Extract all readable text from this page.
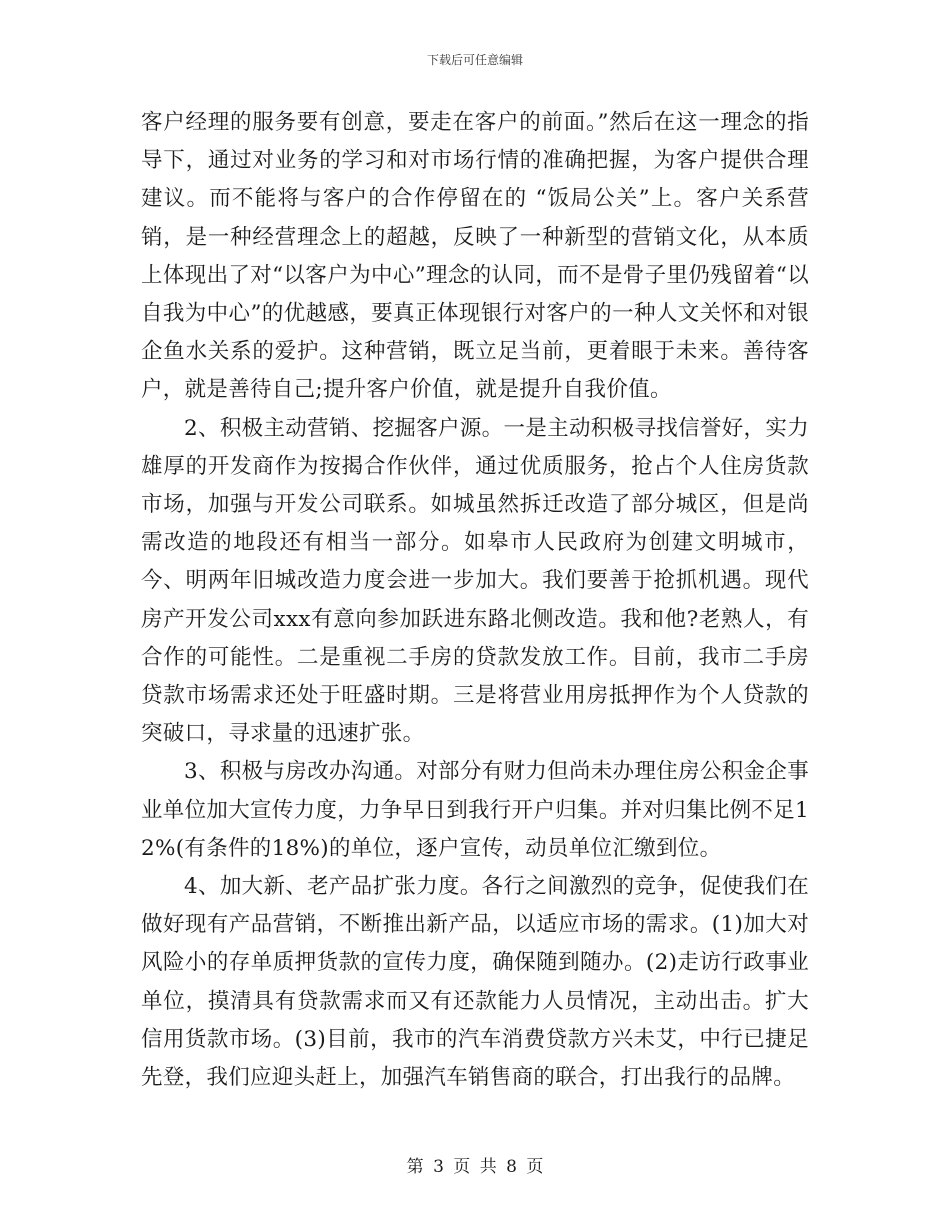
下载后可任意编辑

客户经理的服务要有创意，要走在客户的前面。”然后在这一理念的指导下，通过对业务的学习和对市场行情的准确把握，为客户提供合理建议。而不能将与客户的合作停留在的 “饭局公关”上。客户关系营销，是一种经营理念上的超越，反映了一种新型的营销文化，从本质上体现出了对“以客户为中心”理念的认同，而不是骨子里仍残留着“以自我为中心”的优越感，要真正体现银行对客户的一种人文关怀和对银企鱼水关系的爱护。这种营销，既立足当前，更着眼于未来。善待客户，就是善待自己;提升客户价值，就是提升自我价值。

2、积极主动营销、挖掘客户源。一是主动积极寻找信誉好，实力雄厚的开发商作为按揭合作伙伴，通过优质服务，抢占个人住房货款市场，加强与开发公司联系。如城虽然拆迁改造了部分城区，但是尚需改造的地段还有相当一部分。如皋市人民政府为创建文明城市，今、明两年旧城改造力度会进一步加大。我们要善于抢抓机遇。现代房产开发公司xxx有意向参加跃进东路北侧改造。我和他?老熟人，有合作的可能性。二是重视二手房的贷款发放工作。目前，我市二手房贷款市场需求还处于旺盛时期。三是将营业用房抵押作为个人贷款的突破口，寻求量的迅速扩张。

3、积极与房改办沟通。对部分有财力但尚未办理住房公积金企事业单位加大宣传力度，力争早日到我行开户归集。并对归集比例不足12%(有条件的18%)的单位，逐户宣传，动员单位汇缴到位。

4、加大新、老产品扩张力度。各行之间激烈的竞争，促使我们在做好现有产品营销，不断推出新产品，以适应市场的需求。(1)加大对风险小的存单质押货款的宣传力度，确保随到随办。(2)走访行政事业单位，摸清具有贷款需求而又有还款能力人员情况，主动出击。扩大信用货款市场。(3)目前，我市的汽车消费贷款方兴未艾，中行已捷足先登，我们应迎头赶上，加强汽车销售商的联合，打出我行的品牌。

第 3 页 共 8 页
